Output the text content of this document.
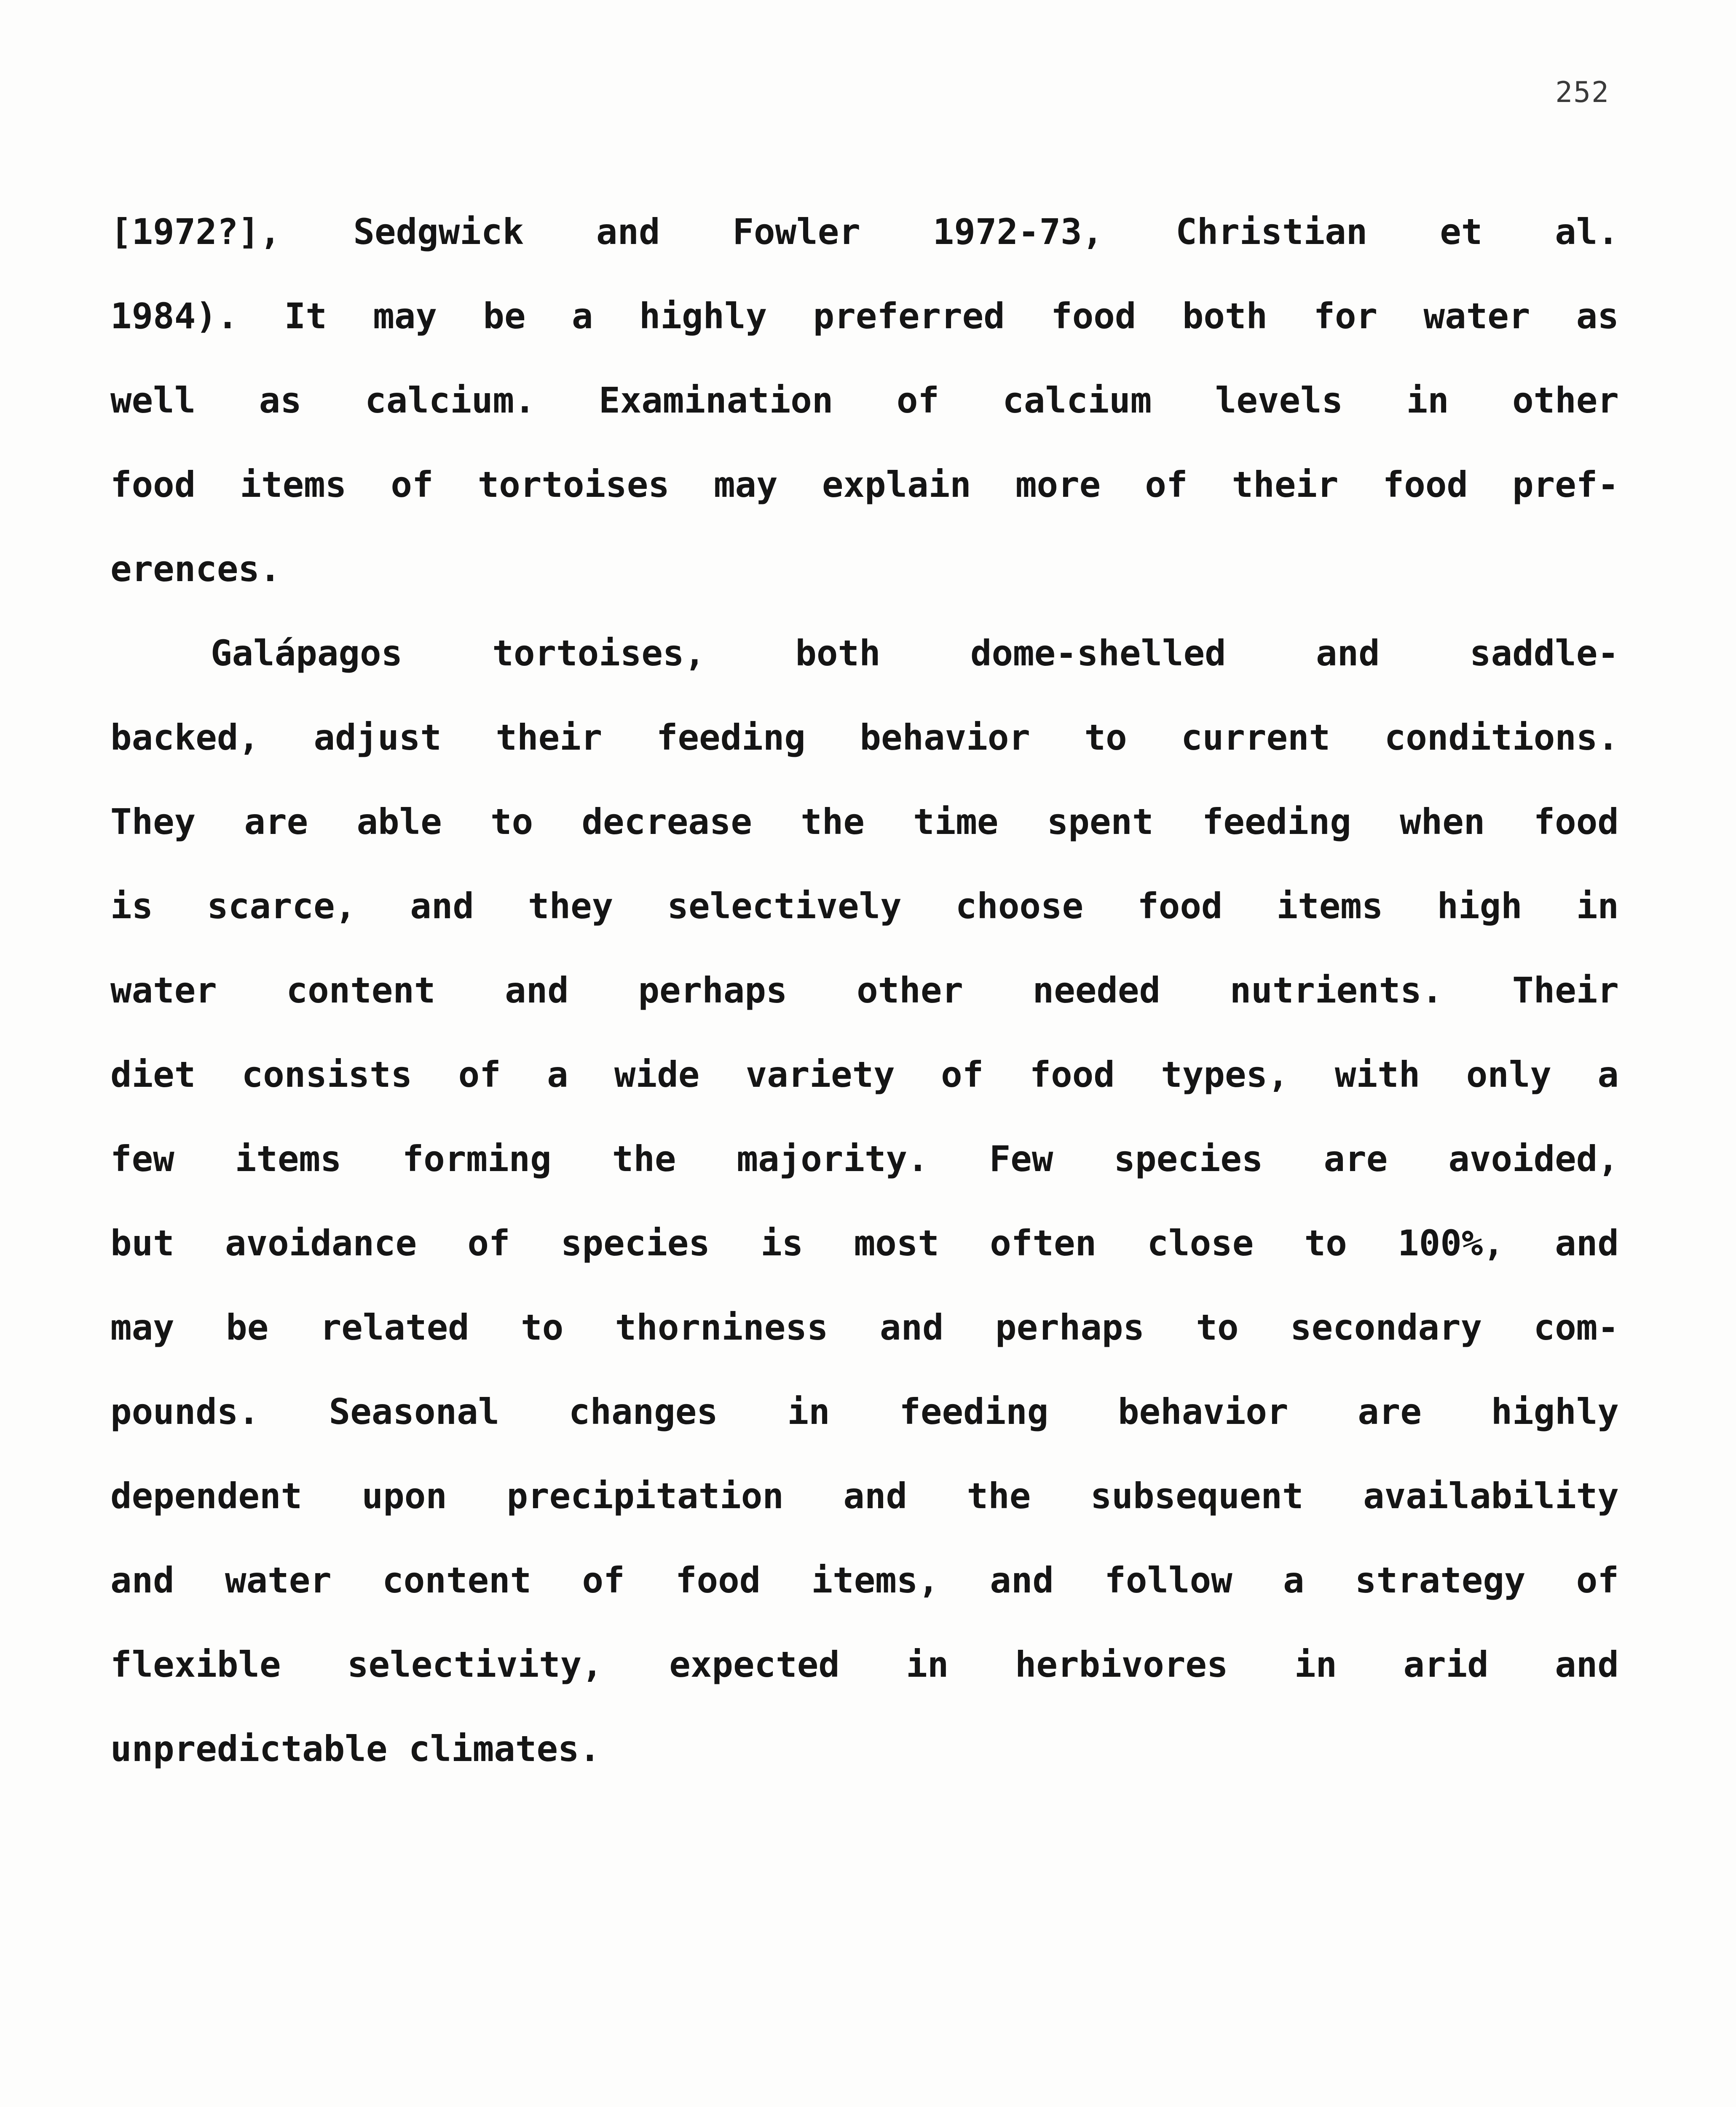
252
[1972?], Sedgwick and Fowler 1972-73, Christian et al.
1984). It may be a highly preferred food both for water as
well as calcium. Examination of calcium levels in other
food items of tortoises may explain more of their food pref-
erences.
Galápagos	tortoises,	both	dome-shelled	and	saddle-
backed, adjust their feeding behavior to current conditions.
They are able to decrease the time spent feeding when food
is scarce, and they selectively choose food items high in
water content and perhaps other needed nutrients. Their
diet consists of a wide variety of food types, with only a
few items forming the majority. Few species are avoided,
but avoidance of species is most often close to 100%, and
may be related to thorniness and perhaps to secondary com-
pounds. Seasonal changes in feeding behavior are highly
dependent upon precipitation and the subsequent availability
and water content of food items, and follow a strategy of
flexible selectivity, expected in herbivores in arid and
unpredictable climates.
